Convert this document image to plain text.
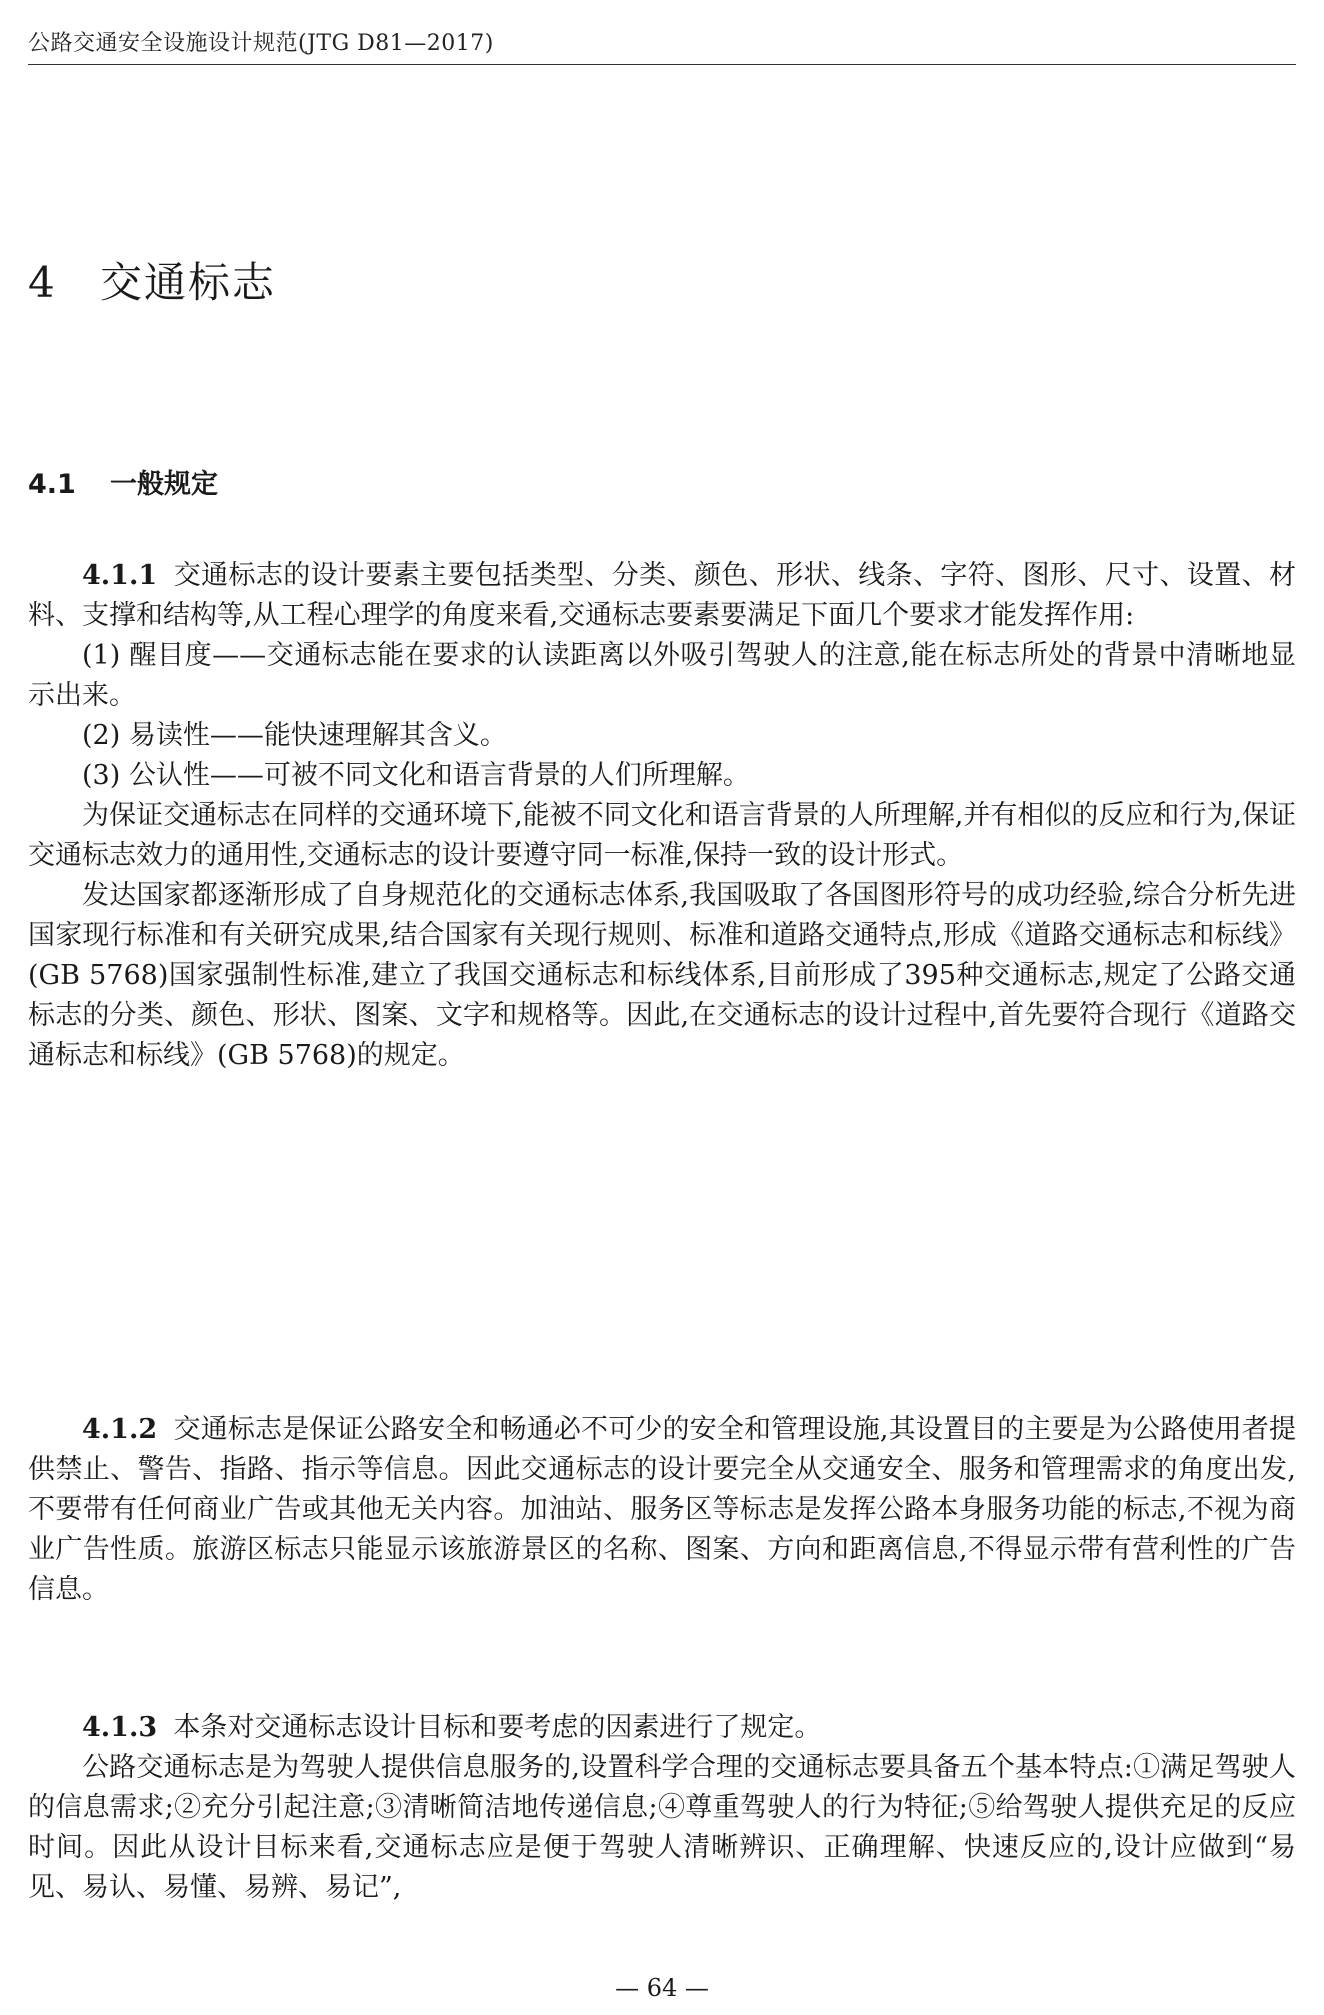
公路交通安全设施设计规范(JTG D81—2017)
4 交通标志
4.1 一般规定

4.1.1 交通标志的设计要素主要包括类型、分类、颜色、形状、线条、字符、图形、尺寸、设置、材料、支撑和结构等,从工程心理学的角度来看,交通标志要素要满足下面几个要求才能发挥作用:

(1) 醒目度——交通标志能在要求的认读距离以外吸引驾驶人的注意,能在标志所处的背景中清晰地显示出来。

(2) 易读性——能快速理解其含义。

(3) 公认性——可被不同文化和语言背景的人们所理解。

为保证交通标志在同样的交通环境下,能被不同文化和语言背景的人所理解,并有相似的反应和行为,保证交通标志效力的通用性,交通标志的设计要遵守同一标准,保持一致的设计形式。

发达国家都逐渐形成了自身规范化的交通标志体系,我国吸取了各国图形符号的成功经验,综合分析先进国家现行标准和有关研究成果,结合国家有关现行规则、标准和道路交通特点,形成《道路交通标志和标线》(GB 5768)国家强制性标准,建立了我国交通标志和标线体系,目前形成了395种交通标志,规定了公路交通标志的分类、颜色、形状、图案、文字和规格等。因此,在交通标志的设计过程中,首先要符合现行《道路交通标志和标线》(GB 5768)的规定。

4.1.2 交通标志是保证公路安全和畅通必不可少的安全和管理设施,其设置目的主要是为公路使用者提供禁止、警告、指路、指示等信息。因此交通标志的设计要完全从交通安全、服务和管理需求的角度出发,不要带有任何商业广告或其他无关内容。加油站、服务区等标志是发挥公路本身服务功能的标志,不视为商业广告性质。旅游区标志只能显示该旅游景区的名称、图案、方向和距离信息,不得显示带有营利性的广告信息。

4.1.3 本条对交通标志设计目标和要考虑的因素进行了规定。

公路交通标志是为驾驶人提供信息服务的,设置科学合理的交通标志要具备五个基本特点:①满足驾驶人的信息需求;②充分引起注意;③清晰简洁地传递信息;④尊重驾驶人的行为特征;⑤给驾驶人提供充足的反应时间。因此从设计目标来看,交通标志应是便于驾驶人清晰辨识、正确理解、快速反应的,设计应做到“易见、易认、易懂、易辨、易记”,

— 64 —
